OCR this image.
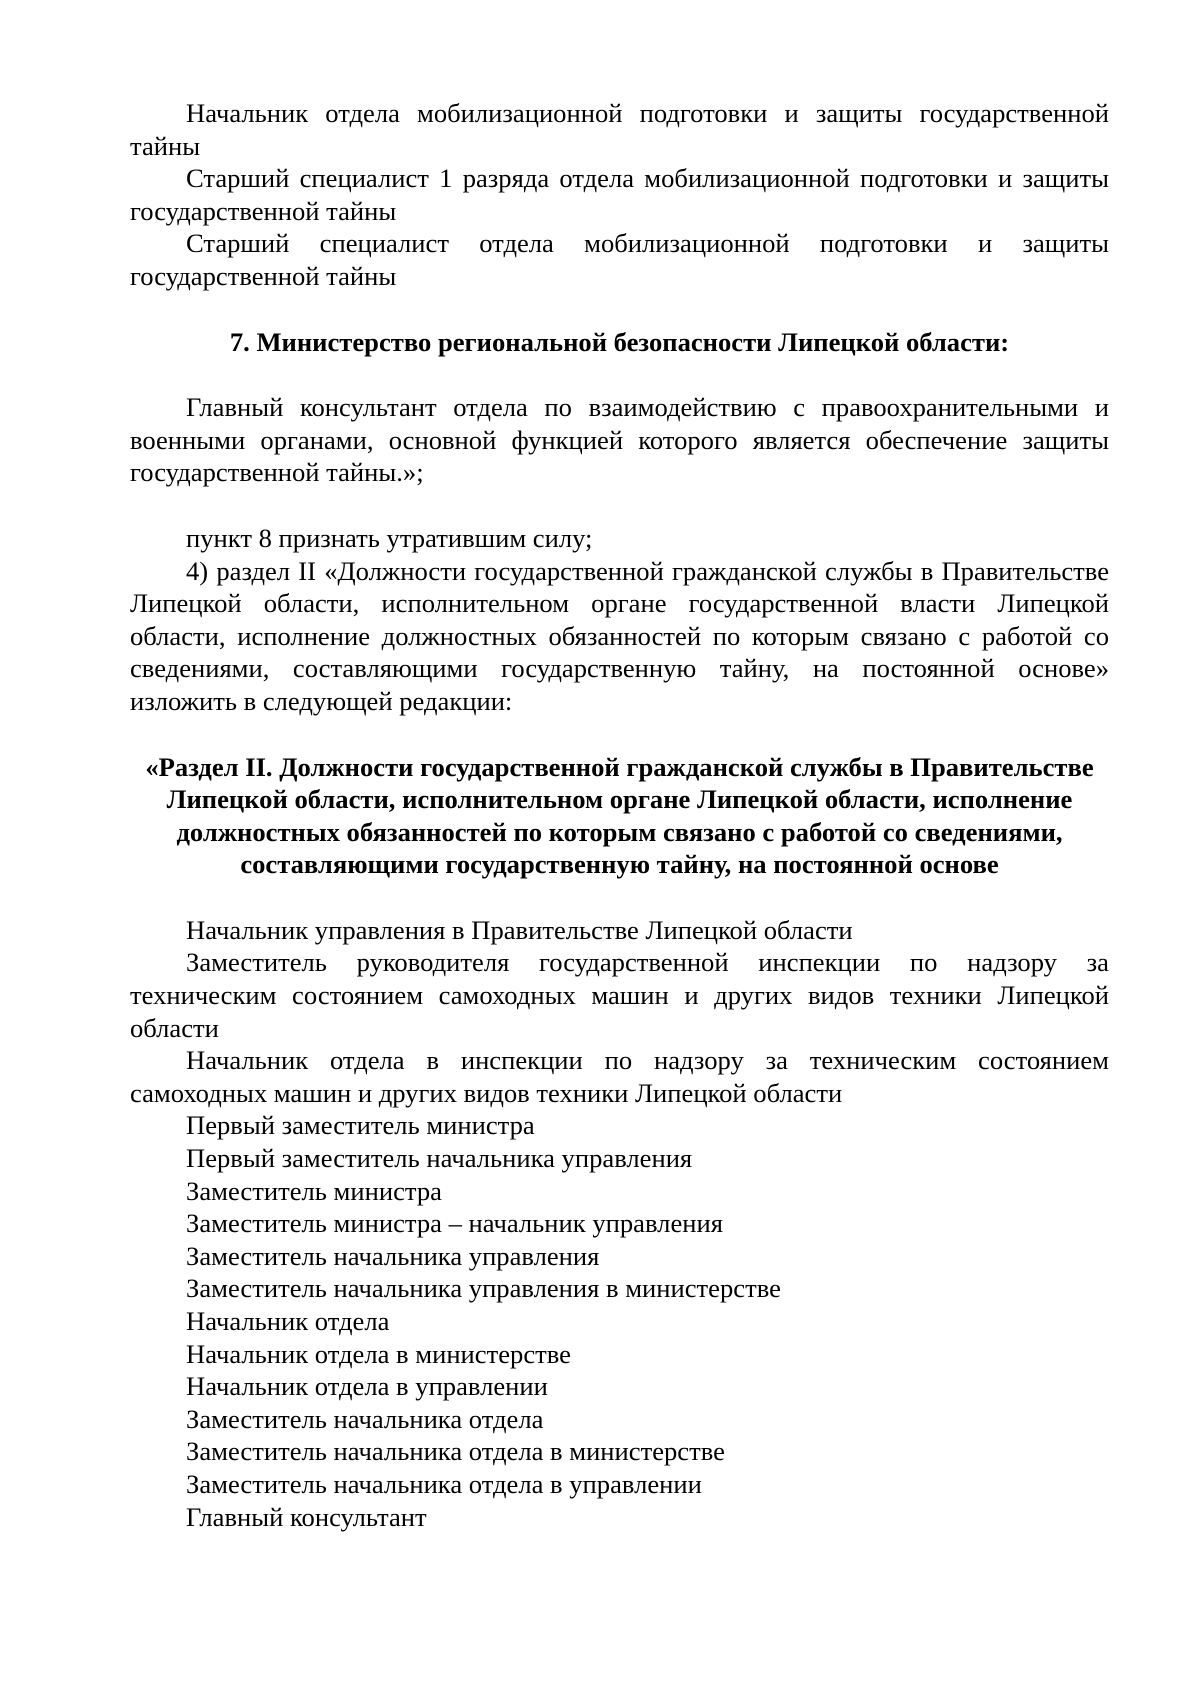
Начальник отдела мобилизационной подготовки и защиты государственной тайны

Старший специалист 1 разряда отдела мобилизационной подготовки и защиты государственной тайны

Старший специалист отдела мобилизационной подготовки и защиты государственной тайны

7. Министерство региональной безопасности Липецкой области:

Главный консультант отдела по взаимодействию с правоохранительными и военными органами, основной функцией которого является обеспечение защиты государственной тайны.»;

пункт 8 признать утратившим силу;

4) раздел II «Должности государственной гражданской службы в Правительстве Липецкой области, исполнительном органе государственной власти Липецкой области, исполнение должностных обязанностей по которым связано с работой со сведениями, составляющими государственную тайну, на постоянной основе» изложить в следующей редакции:

«Раздел II. Должности государственной гражданской службы в Правительстве Липецкой области, исполнительном органе Липецкой области, исполнение должностных обязанностей по которым связано с работой со сведениями, составляющими государственную тайну, на постоянной основе

Начальник управления в Правительстве Липецкой области

Заместитель руководителя государственной инспекции по надзору за техническим состоянием самоходных машин и других видов техники Липецкой области

Начальник отдела в инспекции по надзору за техническим состоянием самоходных машин и других видов техники Липецкой области

Первый заместитель министра

Первый заместитель начальника управления

Заместитель министра

Заместитель министра – начальник управления

Заместитель начальника управления

Заместитель начальника управления в министерстве

Начальник отдела

Начальник отдела в министерстве

Начальник отдела в управлении

Заместитель начальника отдела

Заместитель начальника отдела в министерстве

Заместитель начальника отдела в управлении

Главный консультант
